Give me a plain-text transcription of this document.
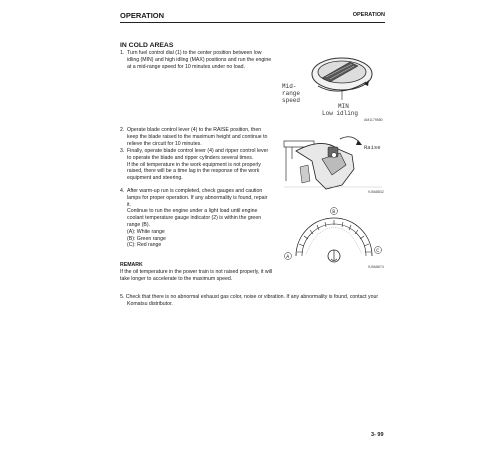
OPERATION	OPERATION
IN COLD AREAS
1. Turn fuel control dial (1) to the center position between low
idling (MIN) and high idling (MAX) positions and run the engine
at a mid-range speed for 10 minutes under no load.
Mid-
range
speed
MIN
Low idling
AM1179580
2. Operate blade control lever (4) to the RAISE position, then
keep the blade raised to the maximum height and continue to
relieve the circuit for 10 minutes.
3. Finally, operate blade control lever (4) and ripper control lever
to operate the blade and ripper cylinders several times.
If the oil temperature in the work equipment is not properly
raised, there will be a time lag in the response of the work
equipment and steering.
Raise
9J9A8832
4. After warm-up run is completed, check gauges and caution
lamps for proper operation. If any abnormality is found, repair
it.
Continue to run the engine under a light load until engine
coolant temperature gauge indicator (2) is within the green
range (B).
(A): White range
(B): Green range
(C): Red range
A
B
C
9J9A8674
REMARK
If the oil temperature in the power train is not raised properly, it will
take longer to accelerate to the maximum speed.
5. Check that there is no abnormal exhaust gas color, noise or vibration. If any abnormality is found, contact your
Komatsu distributor.
3- 99
